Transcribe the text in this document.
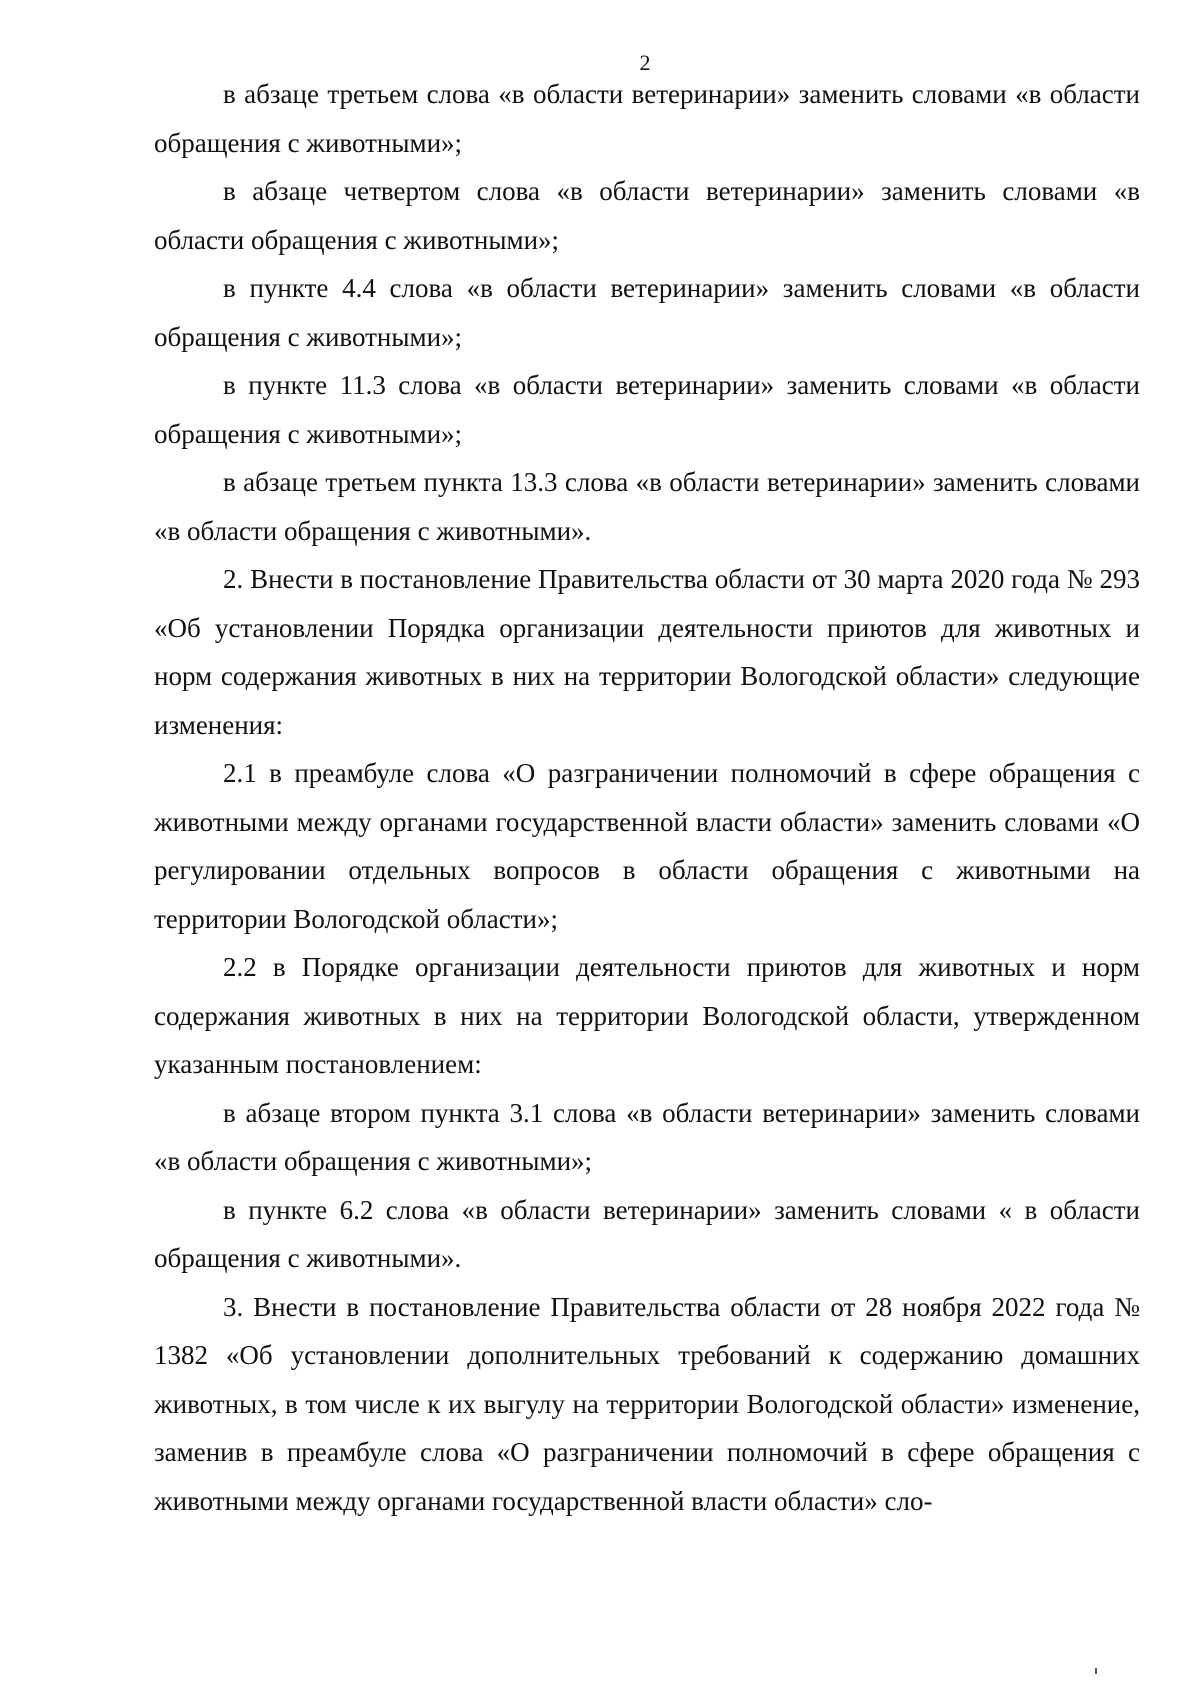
2

в абзаце третьем слова «в области ветеринарии» заменить словами «в области обращения с животными»;

в абзаце четвертом слова «в области ветеринарии» заменить словами «в области обращения с животными»;

в пункте 4.4 слова «в области ветеринарии» заменить словами «в области обращения с животными»;

в пункте 11.3 слова «в области ветеринарии» заменить словами «в области обращения с животными»;

в абзаце третьем пункта 13.3 слова «в области ветеринарии» заменить словами «в области обращения с животными».

2. Внести в постановление Правительства области от 30 марта 2020 года № 293 «Об установлении Порядка организации деятельности приютов для животных и норм содержания животных в них на территории Вологодской области» следующие изменения:

2.1 в преамбуле слова «О разграничении полномочий в сфере обращения с животными между органами государственной власти области» заменить словами «О регулировании отдельных вопросов в области обращения с животными на территории Вологодской области»;

2.2 в Порядке организации деятельности приютов для животных и норм содержания животных в них на территории Вологодской области, утвержденном указанным постановлением:

в абзаце втором пункта 3.1 слова «в области ветеринарии» заменить словами «в области обращения с животными»;

в пункте 6.2 слова «в области ветеринарии» заменить словами « в области обращения с животными».

3. Внести в постановление Правительства области от 28 ноября 2022 года № 1382 «Об установлении дополнительных требований к содержанию домашних животных, в том числе к их выгулу на территории Вологодской области» изменение, заменив в преамбуле слова «О разграничении полномочий в сфере обращения с животными между органами государственной власти области» сло-
